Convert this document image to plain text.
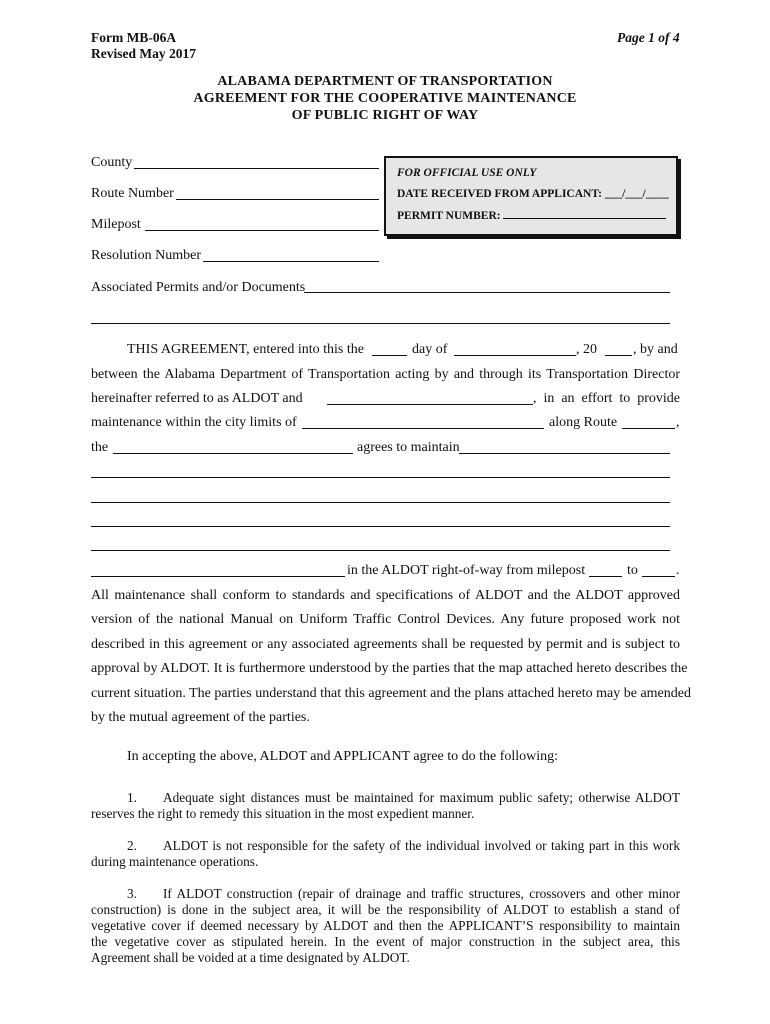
Form MB-06A
Revised May 2017
Page 1 of 4
ALABAMA DEPARTMENT OF TRANSPORTATION
AGREEMENT FOR THE COOPERATIVE MAINTENANCE
OF PUBLIC RIGHT OF WAY
County
Route Number
Milepost
Resolution Number
Associated Permits and/or Documents
FOR OFFICIAL USE ONLY
DATE RECEIVED FROM APPLICANT: ___/___/____
PERMIT NUMBER:
THIS AGREEMENT, entered into this the	day of	, 20	, by and
between the Alabama Department of Transportation acting by and through its Transportation Director
hereinafter referred to as ALDOT and	, in an effort to provide
maintenance within the city limits of	along Route	,
the	agrees to maintain
in the ALDOT right-of-way from milepost	to	.
All maintenance shall conform to standards and specifications of ALDOT and the ALDOT approved
version of the national Manual on Uniform Traffic Control Devices. Any future proposed work not
described in this agreement or any associated agreements shall be requested by permit and is subject to
approval by ALDOT. It is furthermore understood by the parties that the map attached hereto describes the
current situation. The parties understand that this agreement and the plans attached hereto may be amended
by the mutual agreement of the parties.
In accepting the above, ALDOT and APPLICANT agree to do the following:
1. Adequate sight distances must be maintained for maximum public safety; otherwise ALDOT
reserves the right to remedy this situation in the most expedient manner.
2. ALDOT is not responsible for the safety of the individual involved or taking part in this work
during maintenance operations.
3. If ALDOT construction (repair of drainage and traffic structures, crossovers and other minor
construction) is done in the subject area, it will be the responsibility of ALDOT to establish a stand of
vegetative cover if deemed necessary by ALDOT and then the APPLICANT’S responsibility to maintain
the vegetative cover as stipulated herein. In the event of major construction in the subject area, this
Agreement shall be voided at a time designated by ALDOT.
